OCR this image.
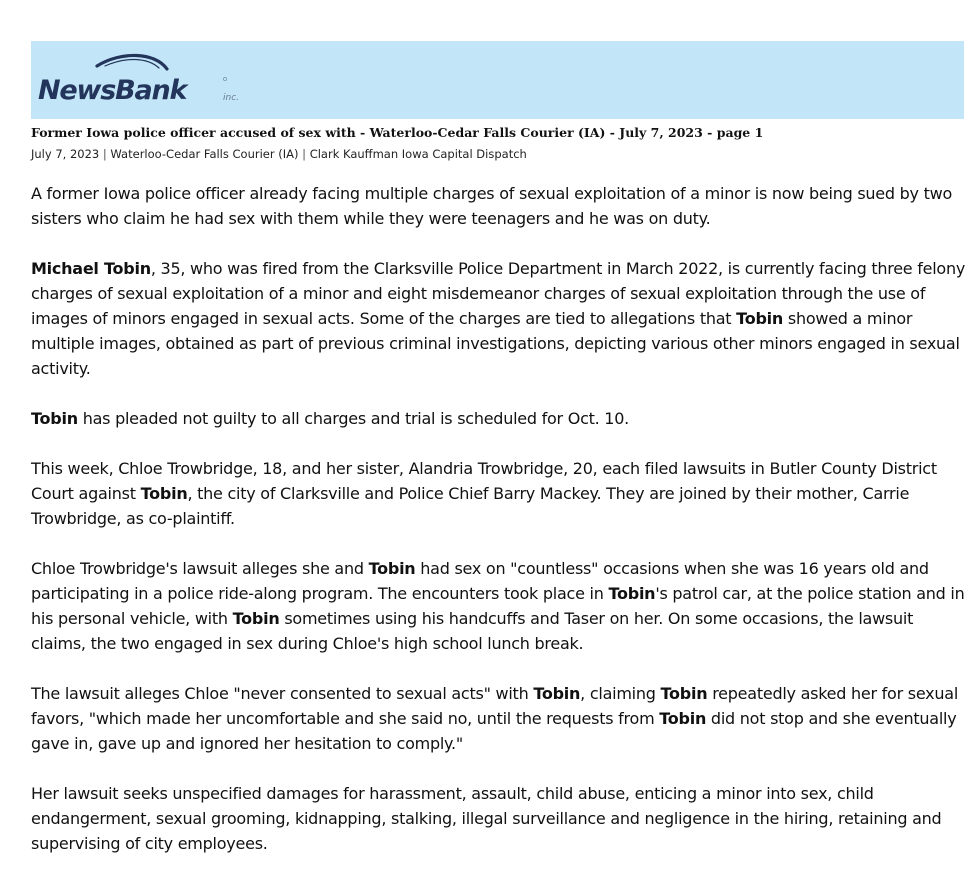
NewsBank	inc.
Former Iowa police officer accused of sex with - Waterloo-Cedar Falls Courier (IA) - July 7, 2023 - page 1
July 7, 2023 | Waterloo-Cedar Falls Courier (IA) | Clark Kauffman Iowa Capital Dispatch

A former Iowa police officer already facing multiple charges of sexual exploitation of a minor is now being sued by two sisters who claim he had sex with them while they were teenagers and he was on duty.

Michael Tobin, 35, who was fired from the Clarksville Police Department in March 2022, is currently facing three felony charges of sexual exploitation of a minor and eight misdemeanor charges of sexual exploitation through the use of images of minors engaged in sexual acts. Some of the charges are tied to allegations that Tobin showed a minor multiple images, obtained as part of previous criminal investigations, depicting various other minors engaged in sexual activity.

Tobin has pleaded not guilty to all charges and trial is scheduled for Oct. 10.

This week, Chloe Trowbridge, 18, and her sister, Alandria Trowbridge, 20, each filed lawsuits in Butler County District Court against Tobin, the city of Clarksville and Police Chief Barry Mackey. They are joined by their mother, Carrie Trowbridge, as co-plaintiff.

Chloe Trowbridge's lawsuit alleges she and Tobin had sex on "countless" occasions when she was 16 years old and participating in a police ride-along program. The encounters took place in Tobin's patrol car, at the police station and in his personal vehicle, with Tobin sometimes using his handcuffs and Taser on her. On some occasions, the lawsuit claims, the two engaged in sex during Chloe's high school lunch break.

The lawsuit alleges Chloe "never consented to sexual acts" with Tobin, claiming Tobin repeatedly asked her for sexual favors, "which made her uncomfortable and she said no, until the requests from Tobin did not stop and she eventually gave in, gave up and ignored her hesitation to comply."

Her lawsuit seeks unspecified damages for harassment, assault, child abuse, enticing a minor into sex, child endangerment, sexual grooming, kidnapping, stalking, illegal surveillance and negligence in the hiring, retaining and supervising of city employees.
